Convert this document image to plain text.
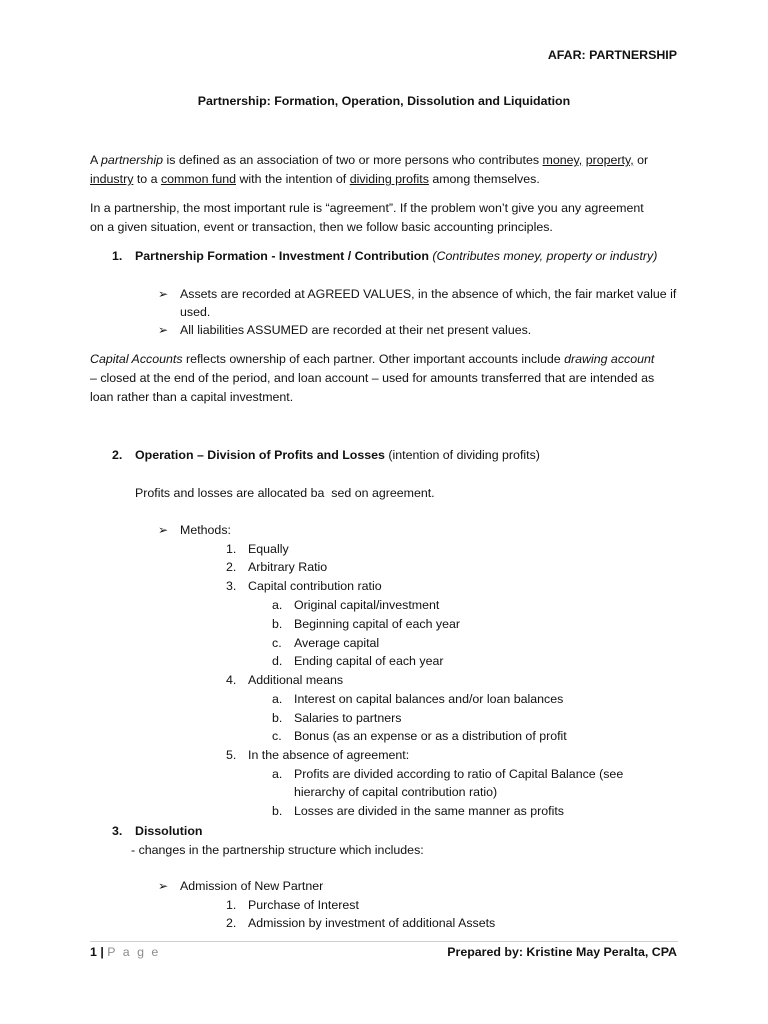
AFAR: PARTNERSHIP
Partnership: Formation, Operation, Dissolution and Liquidation
A partnership is defined as an association of two or more persons who contributes money, property, or
industry to a common fund with the intention of dividing profits among themselves.
In a partnership, the most important rule is “agreement”. If the problem won’t give you any agreement
on a given situation, event or transaction, then we follow basic accounting principles.
1. Partnership Formation - Investment / Contribution (Contributes money, property or industry)
➢ Assets are recorded at AGREED VALUES, in the absence of which, the fair market value if
used.
➢ All liabilities ASSUMED are recorded at their net present values.
Capital Accounts reflects ownership of each partner. Other important accounts include drawing account
– closed at the end of the period, and loan account – used for amounts transferred that are intended as
loan rather than a capital investment.
2. Operation – Division of Profits and Losses (intention of dividing profits)
Profits and losses are allocated ba  sed on agreement.
➢ Methods:
1. Equally
2. Arbitrary Ratio
3. Capital contribution ratio
a. Original capital/investment
b. Beginning capital of each year
c. Average capital
d. Ending capital of each year
4. Additional means
a. Interest on capital balances and/or loan balances
b. Salaries to partners
c. Bonus (as an expense or as a distribution of profit
5. In the absence of agreement:
a. Profits are divided according to ratio of Capital Balance (see
hierarchy of capital contribution ratio)
b. Losses are divided in the same manner as profits
3. Dissolution
- changes in the partnership structure which includes:
➢ Admission of New Partner
1. Purchase of Interest
2. Admission by investment of additional Assets
1 | P a g e	Prepared by: Kristine May Peralta, CPA
